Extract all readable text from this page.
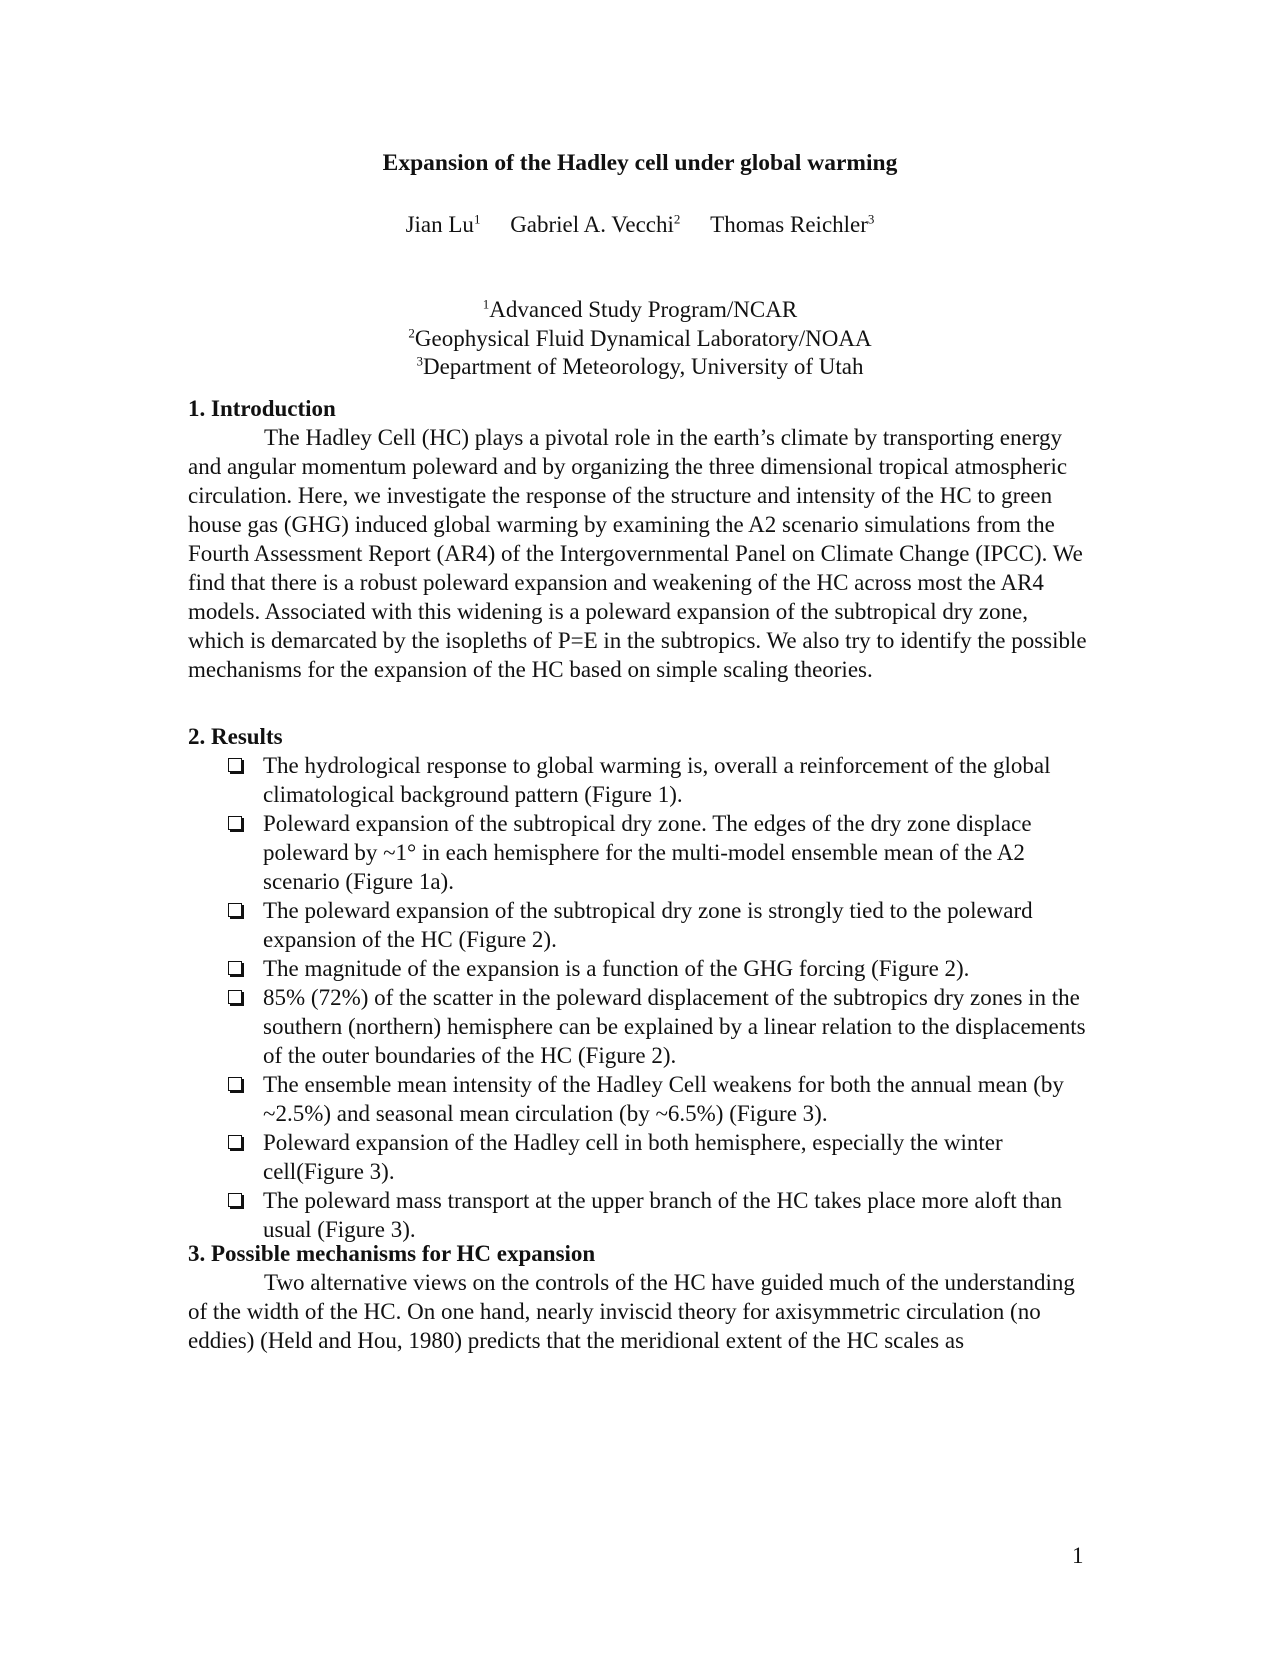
Expansion of the Hadley cell under global warming
Jian Lu$^1$ Gabriel A. Vecchi$^2$ Thomas Reichler$^3$
$^1$Advanced Study Program/NCAR
$^2$Geophysical Fluid Dynamical Laboratory/NOAA
$^3$Department of Meteorology, University of Utah
1. Introduction

The Hadley Cell (HC) plays a pivotal role in the earth’s climate by transporting energy and angular momentum poleward and by organizing the three dimensional tropical atmospheric circulation. Here, we investigate the response of the structure and intensity of the HC to green house gas (GHG) induced global warming by examining the A2 scenario simulations from the Fourth Assessment Report (AR4) of the Intergovernmental Panel on Climate Change (IPCC). We find that there is a robust poleward expansion and weakening of the HC across most the AR4 models. Associated with this widening is a poleward expansion of the subtropical dry zone, which is demarcated by the isopleths of P=E in the subtropics. We also try to identify the possible mechanisms for the expansion of the HC based on simple scaling theories.

2. Results
The hydrological response to global warming is, overall a reinforcement of the global climatological background pattern (Figure 1).
Poleward expansion of the subtropical dry zone. The edges of the dry zone displace poleward by ~1° in each hemisphere for the multi-model ensemble mean of the A2 scenario (Figure 1a).
The poleward expansion of the subtropical dry zone is strongly tied to the poleward expansion of the HC (Figure 2).
The magnitude of the expansion is a function of the GHG forcing (Figure 2).
85% (72%) of the scatter in the poleward displacement of the subtropics dry zones in the southern (northern) hemisphere can be explained by a linear relation to the displacements of the outer boundaries of the HC (Figure 2).
The ensemble mean intensity of the Hadley Cell weakens for both the annual mean (by ~2.5%) and seasonal mean circulation (by ~6.5%) (Figure 3).
Poleward expansion of the Hadley cell in both hemisphere, especially the winter cell(Figure 3).
The poleward mass transport at the upper branch of the HC takes place more aloft than usual (Figure 3).
3. Possible mechanisms for HC expansion

Two alternative views on the controls of the HC have guided much of the understanding of the width of the HC. On one hand, nearly inviscid theory for axisymmetric circulation (no eddies) (Held and Hou, 1980) predicts that the meridional extent of the HC scales as

1
